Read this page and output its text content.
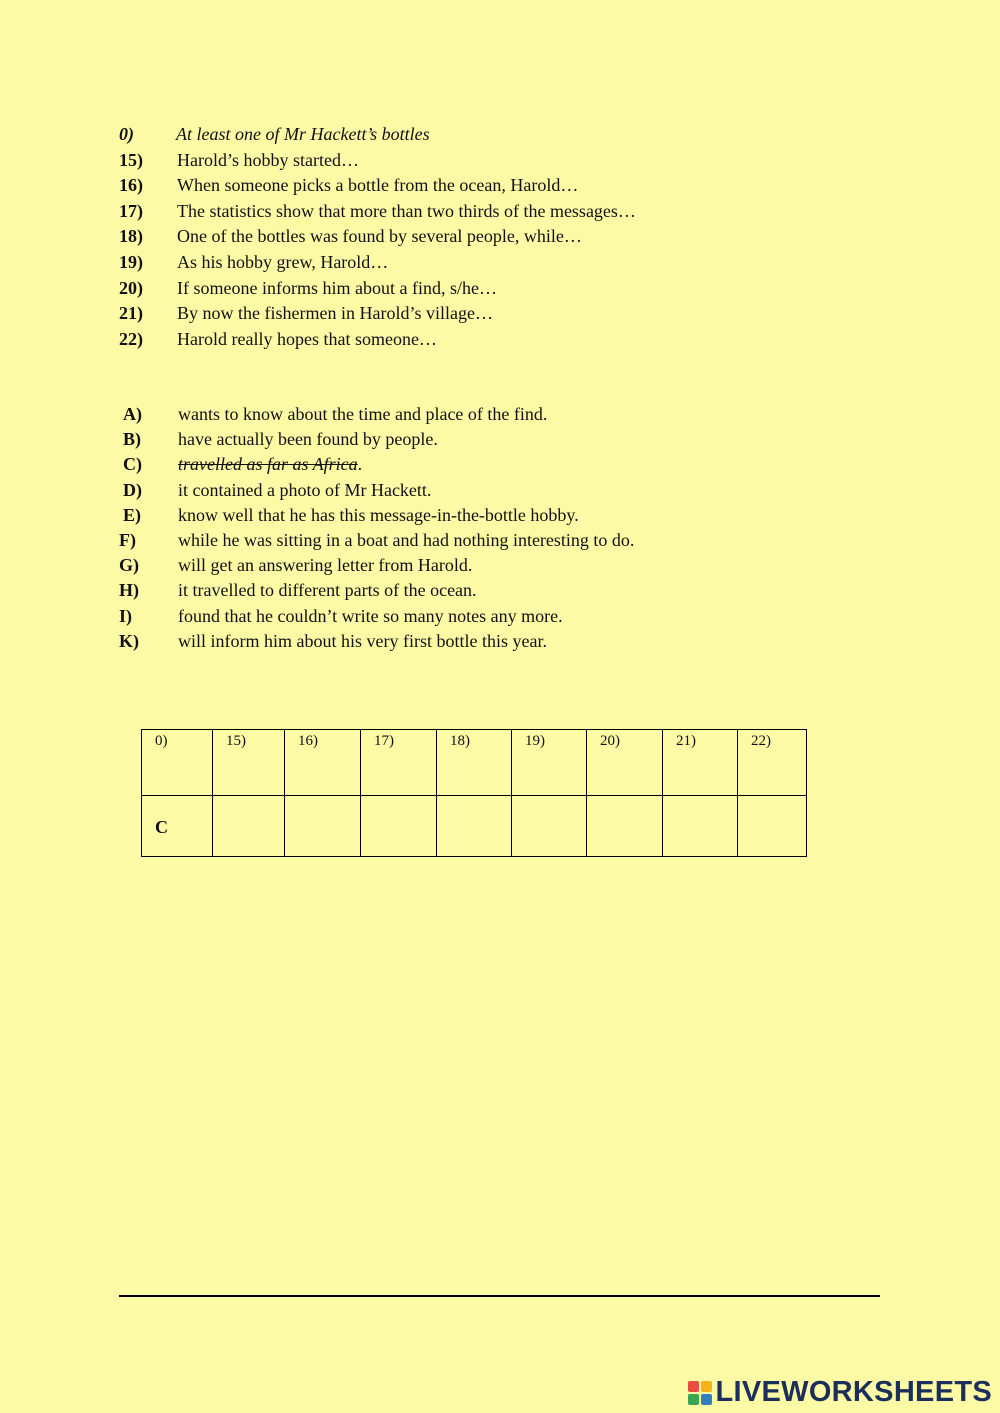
0) At least one of Mr Hackett’s bottles
15) Harold’s hobby started…
16) When someone picks a bottle from the ocean, Harold…
17) The statistics show that more than two thirds of the messages…
18) One of the bottles was found by several people, while…
19) As his hobby grew, Harold…
20) If someone informs him about a find, s/he…
21) By now the fishermen in Harold’s village…
22) Harold really hopes that someone…
A) wants to know about the time and place of the find.
B) have actually been found by people.
C) travelled as far as Africa.
D) it contained a photo of Mr Hackett.
E) know well that he has this message-in-the-bottle hobby.
F) while he was sitting in a boat and had nothing interesting to do.
G) will get an answering letter from Harold.
H) it travelled to different parts of the ocean.
I)	found that he couldn’t write so many notes any more.
K) will inform him about his very first bottle this year.
0)	15)	16)	17)	18)	19)	20)	21)	22)
C								
LIVEWORKSHEETS
